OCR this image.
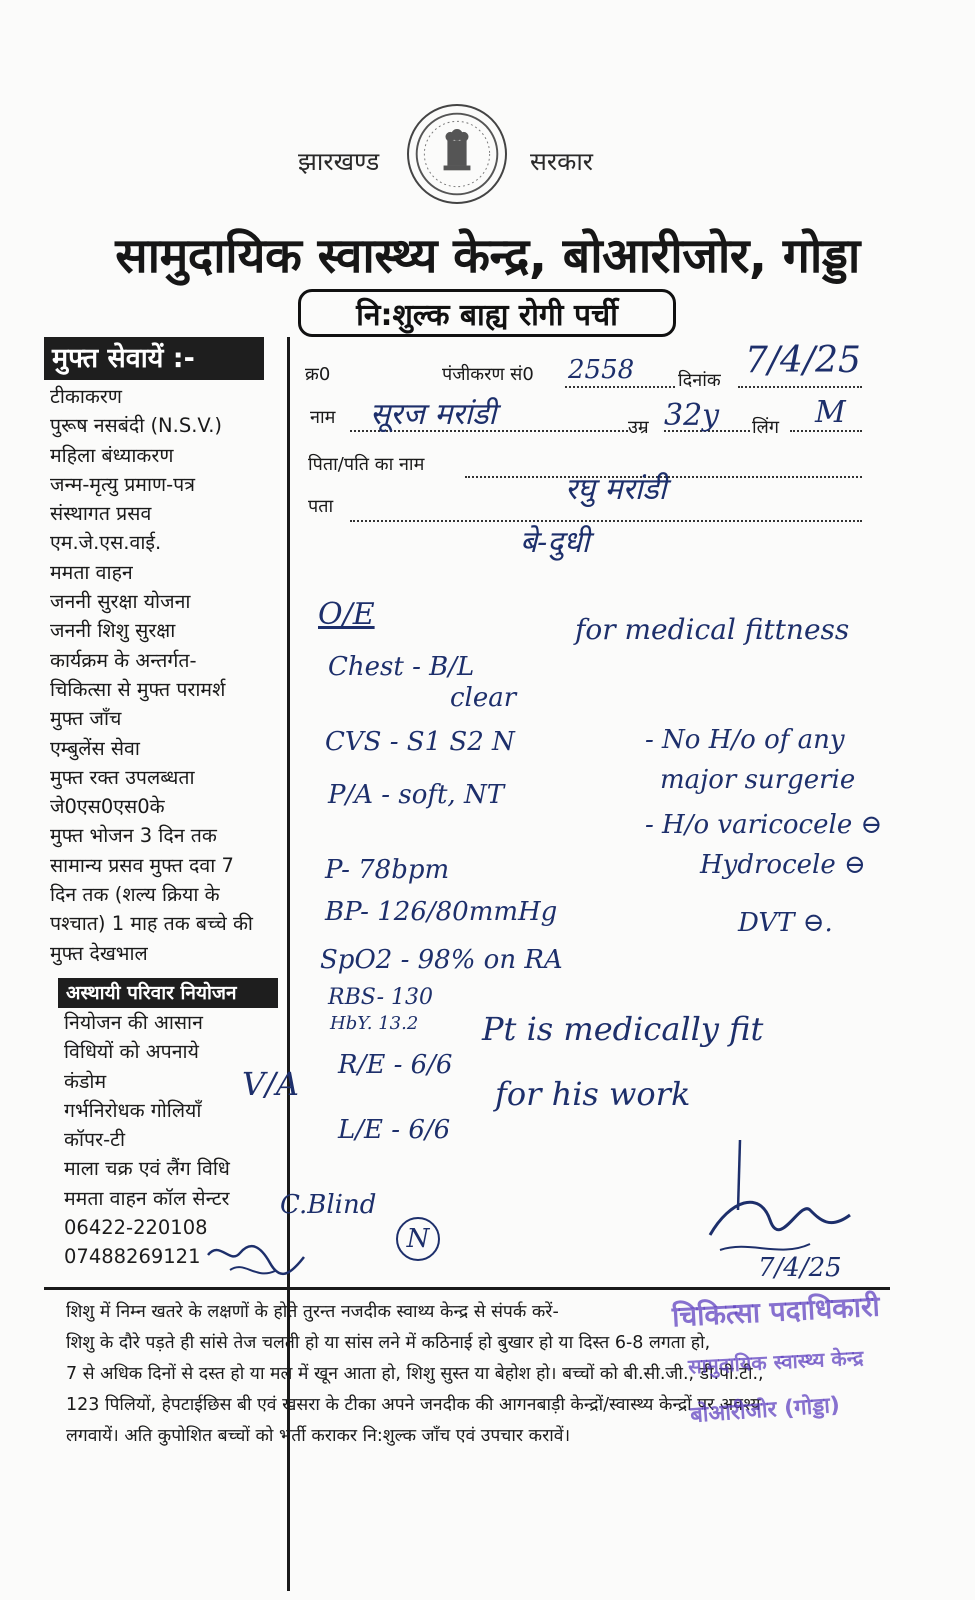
झारखण्ड	सरकार
सामुदायिक स्वास्थ्य केन्द्र, बोआरीजोर, गोड्डा
नि:शुल्क बाह्य रोगी पर्ची
मुफ्त सेवायें :-
टीकाकरण
पुरूष नसबंदी (N.S.V.)
महिला बंध्याकरण
जन्म-मृत्यु प्रमाण-पत्र
संस्थागत प्रसव
एम.जे.एस.वाई.
ममता वाहन
जननी सुरक्षा योजना
जननी शिशु सुरक्षा
कार्यक्रम के अन्तर्गत-
चिकित्सा से मुफ्त परामर्श
मुफ्त जाँच
एम्बुलेंस सेवा
मुफ्त रक्त उपलब्धता
जे0एस0एस0के
मुफ्त भोजन 3 दिन तक
सामान्य प्रसव मुफ्त दवा 7
दिन तक (शल्य क्रिया के
पश्चात) 1 माह तक बच्चे की
मुफ्त देखभाल
अस्थायी परिवार नियोजन
नियोजन की आसान
विधियों को अपनाये
कंडोम
गर्भनिरोधक गोलियाँ
कॉपर-टी
माला चक्र एवं लैंग विधि
ममता वाहन कॉल सेन्टर
06422-220108
07488269121
क्र0	पंजीकरण सं0 2558 दिनांक 7/4/25
नाम सूरज मरांडी	उम्र 32y लिंग M
पिता/पति का नाम
रघु मरांडी
पता
बे-दुधी
O/E	for medical fittness
Chest - B/L
clear
CVS - S1 S2 N	- No H/o of any
major surgerie
P/A - soft, NT
- H/o varicocele ⊖
Hydrocele ⊖
DVT ⊖.
P- 78bpm
BP- 126/80mmHg
SpO2 - 98% on RA
RBS- 130
HbY. 13.2
V/A R/E - 6/6
L/E - 6/6
Pt is medically fit
for his work
C.Blind
N
7/4/25
शिशु में निम्न खतरे के लक्षणों के होते तुरन्त नजदीक स्वाथ्य केन्द्र से संपर्क करें-
शिशु के दौरे पड़ते ही सांसे तेज चलती हो या सांस लने में कठिनाई हो बुखार हो या दिस्त 6-8 लगता हो,
7 से अधिक दिनों से दस्त हो या मल में खून आता हो, शिशु सुस्त या बेहोश हो। बच्चों को बी.सी.जी., डी.पी.टी.,
123 पिलियों, हेपटाईछिस बी एवं खसरा के टीका अपने जनदीक की आगनबाड़ी केन्द्रों/स्वास्थ्य केन्द्रों पर अवश्य
लगवायें। अति कुपोशित बच्चों को भर्ती कराकर नि:शुल्क जाँच एवं उपचार करावें।
चिकित्सा पदाधिकारी
सामुदायिक स्वास्थ्य केन्द्र
बोआरीजोर (गोड्डा)
